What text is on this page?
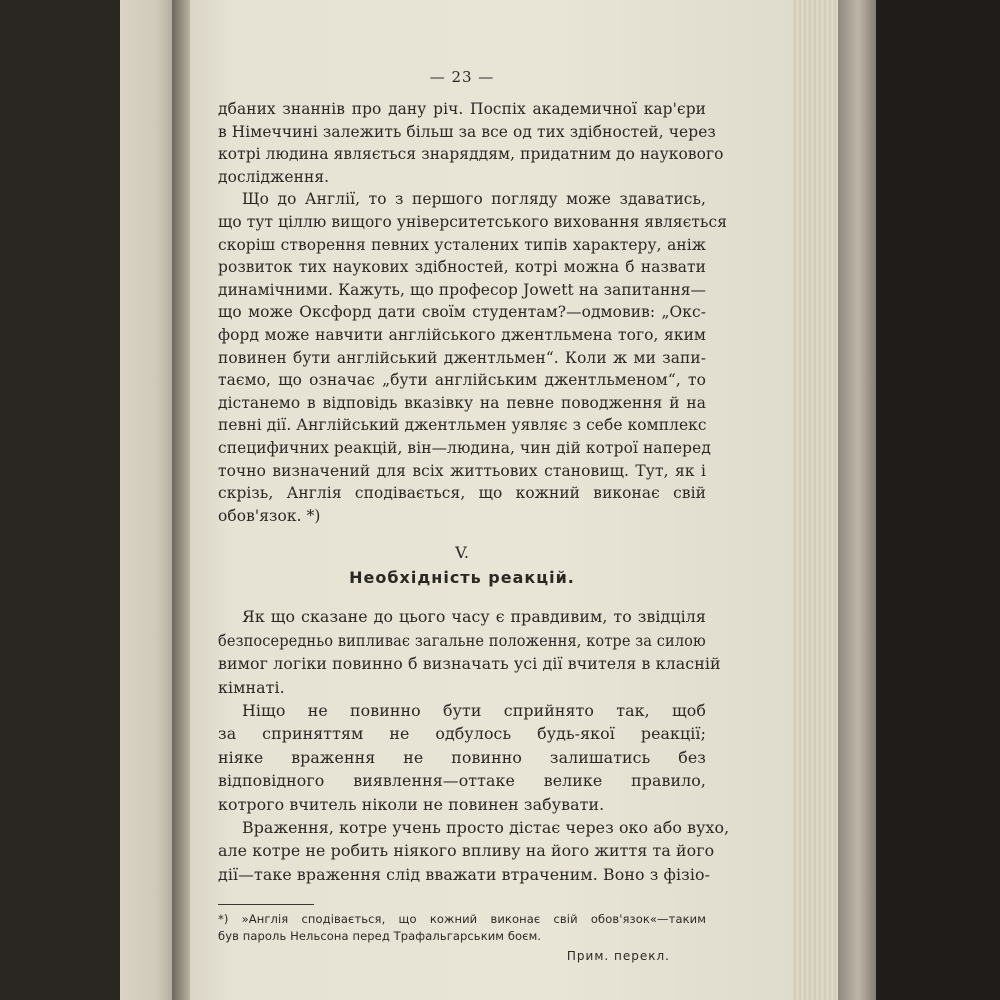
— 23 —
дбаних знаннів про дану річ. Поспіх академичної кар'єри
в Німеччині залежить більш за все од тих здібностей, через
котрі людина являється знаряддям, придатним до наукового
дослідження.
Що до Англії, то з першого погляду може здаватись,
що тут ціллю вищого університетського виховання являється
скоріш створення певних усталених типів характеру, аніж
розвиток тих наукових здібностей, котрі можна б назвати
динамічними. Кажуть, що професор Jowett на запитання—
що може Оксфорд дати своїм студентам?—одмовив: „Окс-
форд може навчити англійського джентльмена того, яким
повинен бути англійський джентльмен“. Коли ж ми запи-
таємо, що означає „бути англійським джентльменом“, то
дістанемо в відповідь вказівку на певне поводження й на
певні дії. Англійський джентльмен уявляє з себе комплекс
специфичних реакцій, він—людина, чин дій котрої наперед
точно визначений для всіх життьових становищ. Тут, як і
скрізь, Англія сподівається, що кожний виконає свій
обов'язок. *)
V.
Необхідність реакцій.
Як що сказане до цього часу є правдивим, то звідціля
безпосередньо випливає загальне положення, котре за силою
вимог логіки повинно б визначать усі дії вчителя в класній
кімнаті.
Ніщо не повинно бути сприйнято так, щоб
за сприняттям не одбулось будь-якої реакції;
ніяке враження не повинно залишатись без
відповідного виявлення—оттаке велике правило,
котрого вчитель ніколи не повинен забувати.
Враження, котре учень просто дістає через око або вухо,
але котре не робить ніякого впливу на його життя та його
дії—таке враження слід вважати втраченим. Воно з фізіо-
*) »Англія сподівається, що кожний виконає свій обов'язок«—таким
був пароль Нельсона перед Трафальгарським боєм.
Прим. перекл.
